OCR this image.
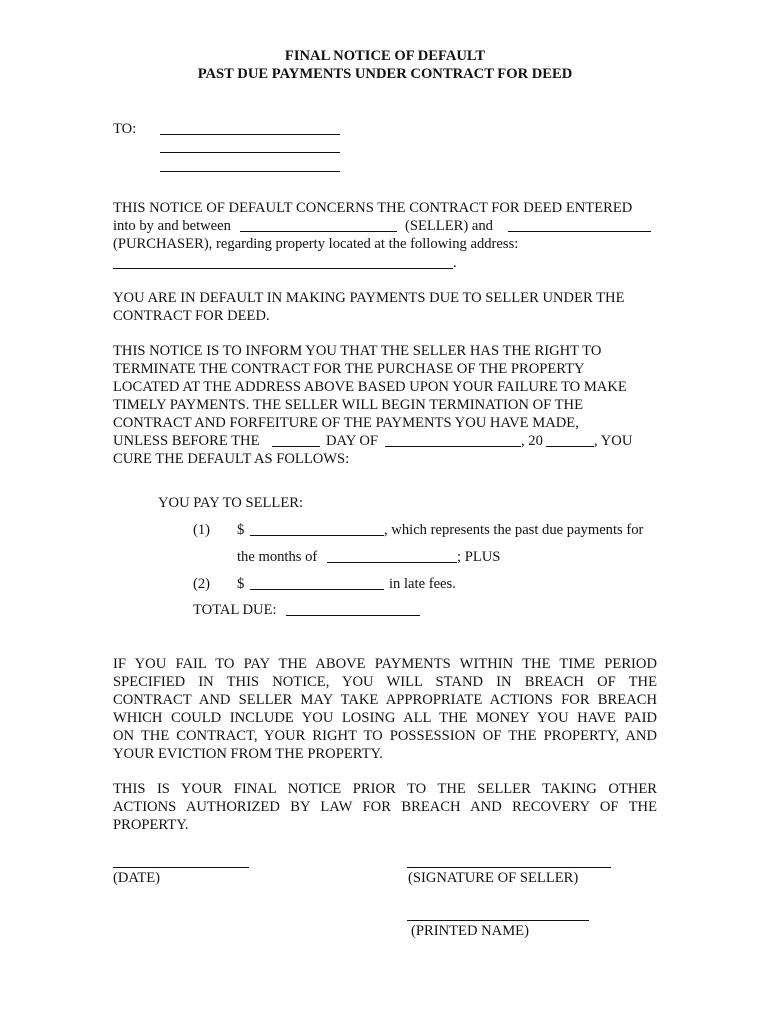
FINAL NOTICE OF DEFAULT
PAST DUE PAYMENTS UNDER CONTRACT FOR DEED
TO:
THIS NOTICE OF DEFAULT CONCERNS THE CONTRACT FOR DEED ENTERED
into by and between	(SELLER) and
(PURCHASER), regarding property located at the following address:
.
YOU ARE IN DEFAULT IN MAKING PAYMENTS DUE TO SELLER UNDER THE
CONTRACT FOR DEED.
THIS NOTICE IS TO INFORM YOU THAT THE SELLER HAS THE RIGHT TO
TERMINATE THE CONTRACT FOR THE PURCHASE OF THE PROPERTY
LOCATED AT THE ADDRESS ABOVE BASED UPON YOUR FAILURE TO MAKE
TIMELY PAYMENTS. THE SELLER WILL BEGIN TERMINATION OF THE
CONTRACT AND FORFEITURE OF THE PAYMENTS YOU HAVE MADE,
UNLESS BEFORE THE	DAY OF	, 20	, YOU
CURE THE DEFAULT AS FOLLOWS:
YOU PAY TO SELLER:
(1) $	, which represents the past due payments for
the months of	; PLUS
(2) $	in late fees.
TOTAL DUE:
IF YOU FAIL TO PAY THE ABOVE PAYMENTS WITHIN THE TIME PERIOD
SPECIFIED IN THIS NOTICE, YOU WILL STAND IN BREACH OF THE
CONTRACT AND SELLER MAY TAKE APPROPRIATE ACTIONS FOR BREACH
WHICH COULD INCLUDE YOU LOSING ALL THE MONEY YOU HAVE PAID
ON THE CONTRACT, YOUR RIGHT TO POSSESSION OF THE PROPERTY, AND
YOUR EVICTION FROM THE PROPERTY.
THIS IS YOUR FINAL NOTICE PRIOR TO THE SELLER TAKING OTHER
ACTIONS AUTHORIZED BY LAW FOR BREACH AND RECOVERY OF THE
PROPERTY.
(DATE)	(SIGNATURE OF SELLER)
(PRINTED NAME)
